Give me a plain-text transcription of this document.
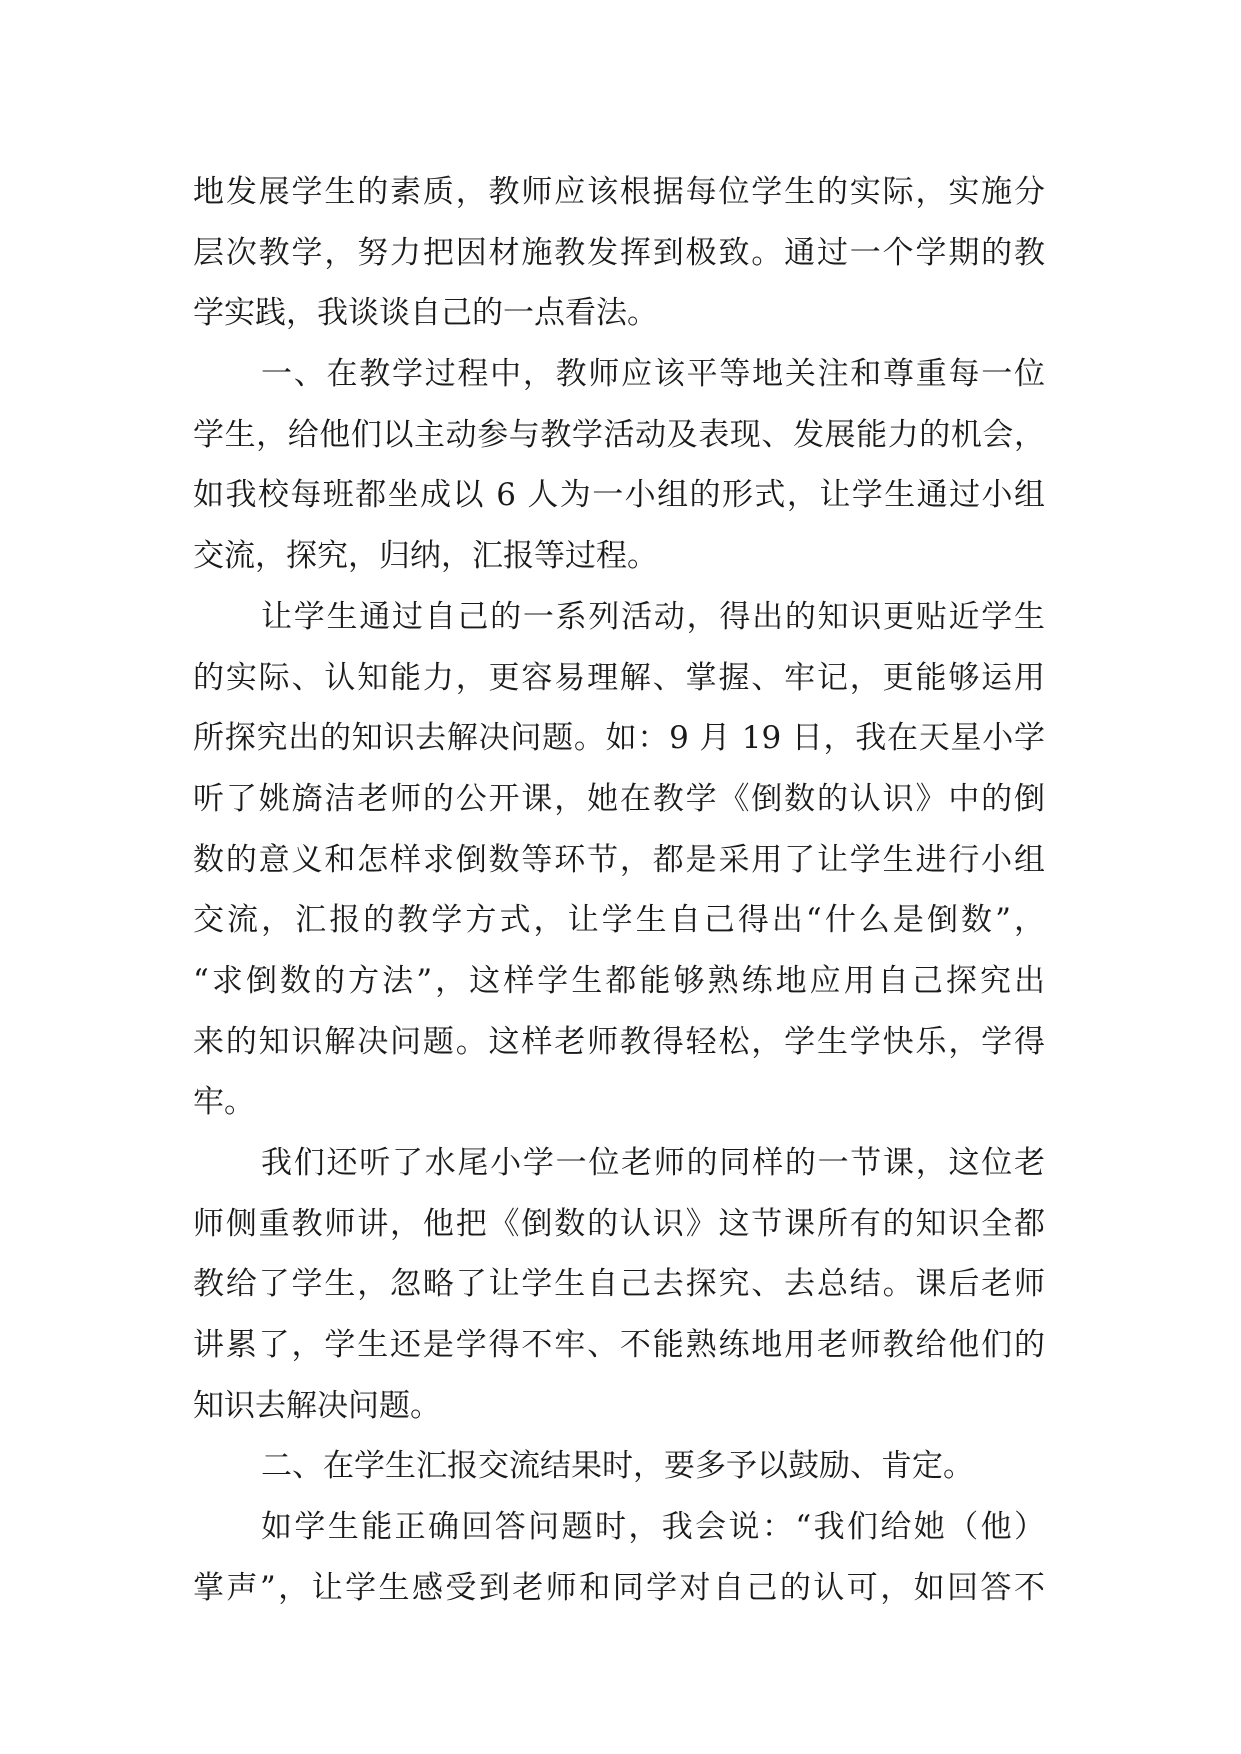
地发展学生的素质，教师应该根据每位学生的实际，实施分
层次教学，努力把因材施教发挥到极致。通过一个学期的教
学实践，我谈谈自己的一点看法。
一、在教学过程中，教师应该平等地关注和尊重每一位
学生，给他们以主动参与教学活动及表现、发展能力的机会，
如我校每班都坐成以 6 人为一小组的形式，让学生通过小组
交流，探究，归纳，汇报等过程。
让学生通过自己的一系列活动，得出的知识更贴近学生
的实际、认知能力，更容易理解、掌握、牢记，更能够运用
所探究出的知识去解决问题。如：9 月 19 日，我在天星小学
听了姚旖洁老师的公开课，她在教学《倒数的认识》中的倒
数的意义和怎样求倒数等环节，都是采用了让学生进行小组
交流，汇报的教学方式，让学生自己得出“什么是倒数”，
“求倒数的方法”，这样学生都能够熟练地应用自己探究出
来的知识解决问题。这样老师教得轻松，学生学快乐，学得
牢。
我们还听了水尾小学一位老师的同样的一节课，这位老
师侧重教师讲，他把《倒数的认识》这节课所有的知识全都
教给了学生，忽略了让学生自己去探究、去总结。课后老师
讲累了，学生还是学得不牢、不能熟练地用老师教给他们的
知识去解决问题。
二、在学生汇报交流结果时，要多予以鼓励、肯定。
如学生能正确回答问题时，我会说：“我们给她（他）
掌声”，让学生感受到老师和同学对自己的认可，如回答不
